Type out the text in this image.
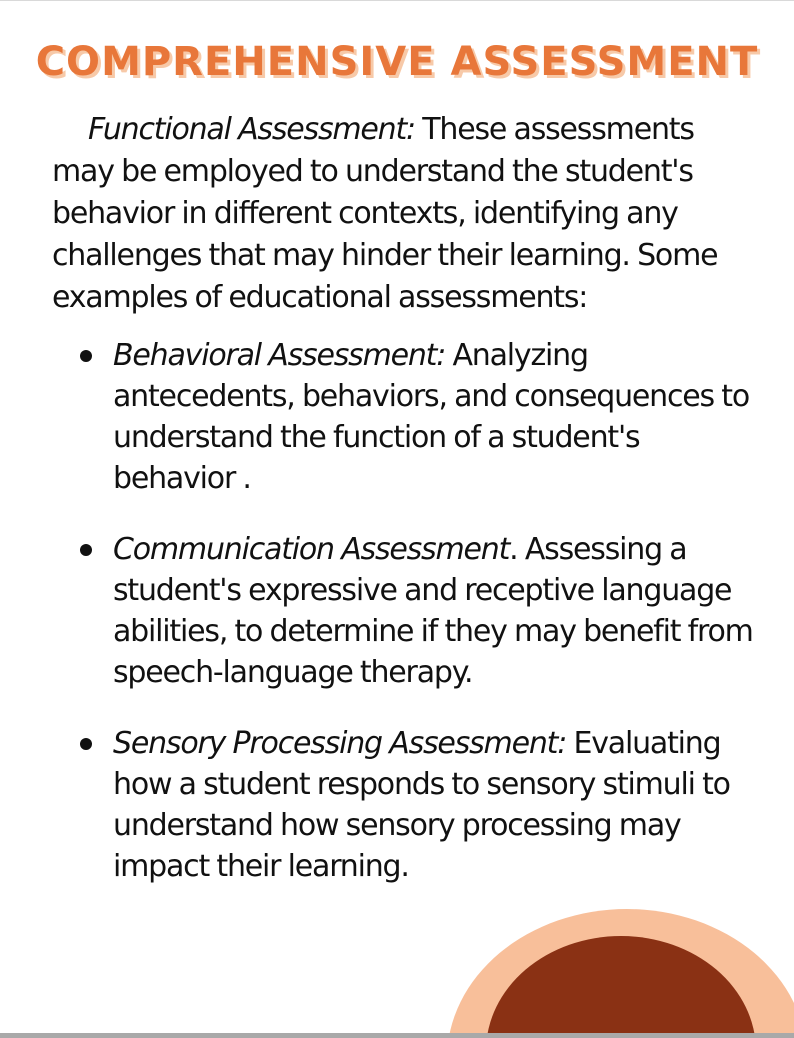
COMPREHENSIVE ASSESSMENT
Functional Assessment: These assessments may be employed to understand the student's behavior in different contexts, identifying any challenges that may hinder their learning. Some examples of educational assessments:
Behavioral Assessment: Analyzing antecedents, behaviors, and consequences to understand the function of a student's behavior .
Communication Assessment. Assessing a student's expressive and receptive language abilities, to determine if they may benefit from speech-language therapy.
Sensory Processing Assessment: Evaluating how a student responds to sensory stimuli to understand how sensory processing may impact their learning.
